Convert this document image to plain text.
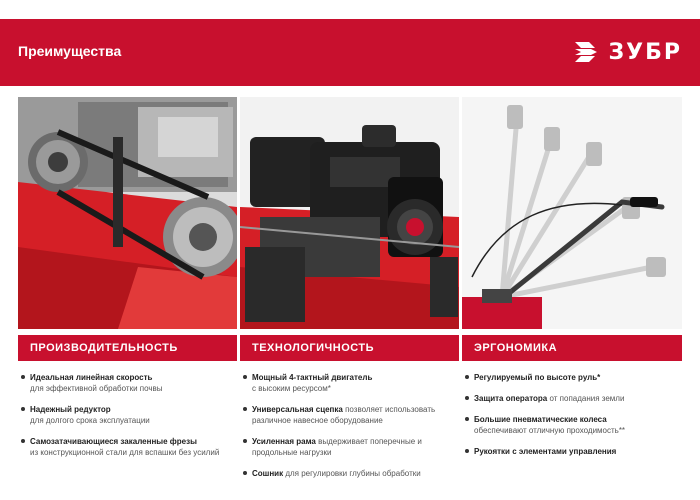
Преимущества	ЗУБР
ПРОИЗВОДИТЕЛЬНОСТЬ	ТЕХНОЛОГИЧНОСТЬ	ЭРГОНОМИКА
Идеальная линейная скорость
для эффективной обработки почвы
Надежный редуктор
для долгого срока эксплуатации
Самозатачивающиеся закаленные фрезы
из конструкционной стали для вспашки без усилий
Мощный 4-тактный двигатель
с высоким ресурсом*
Универсальная сцепка позволяет использовать различное навесное оборудование
Усиленная рама выдерживает поперечные и продольные нагрузки
Сошник для регулировки глубины обработки
Регулируемый по высоте руль*
Защита оператора от попадания земли
Большие пневматические колеса
обеспечивают отличную проходимость**
Рукоятки с элементами управления
